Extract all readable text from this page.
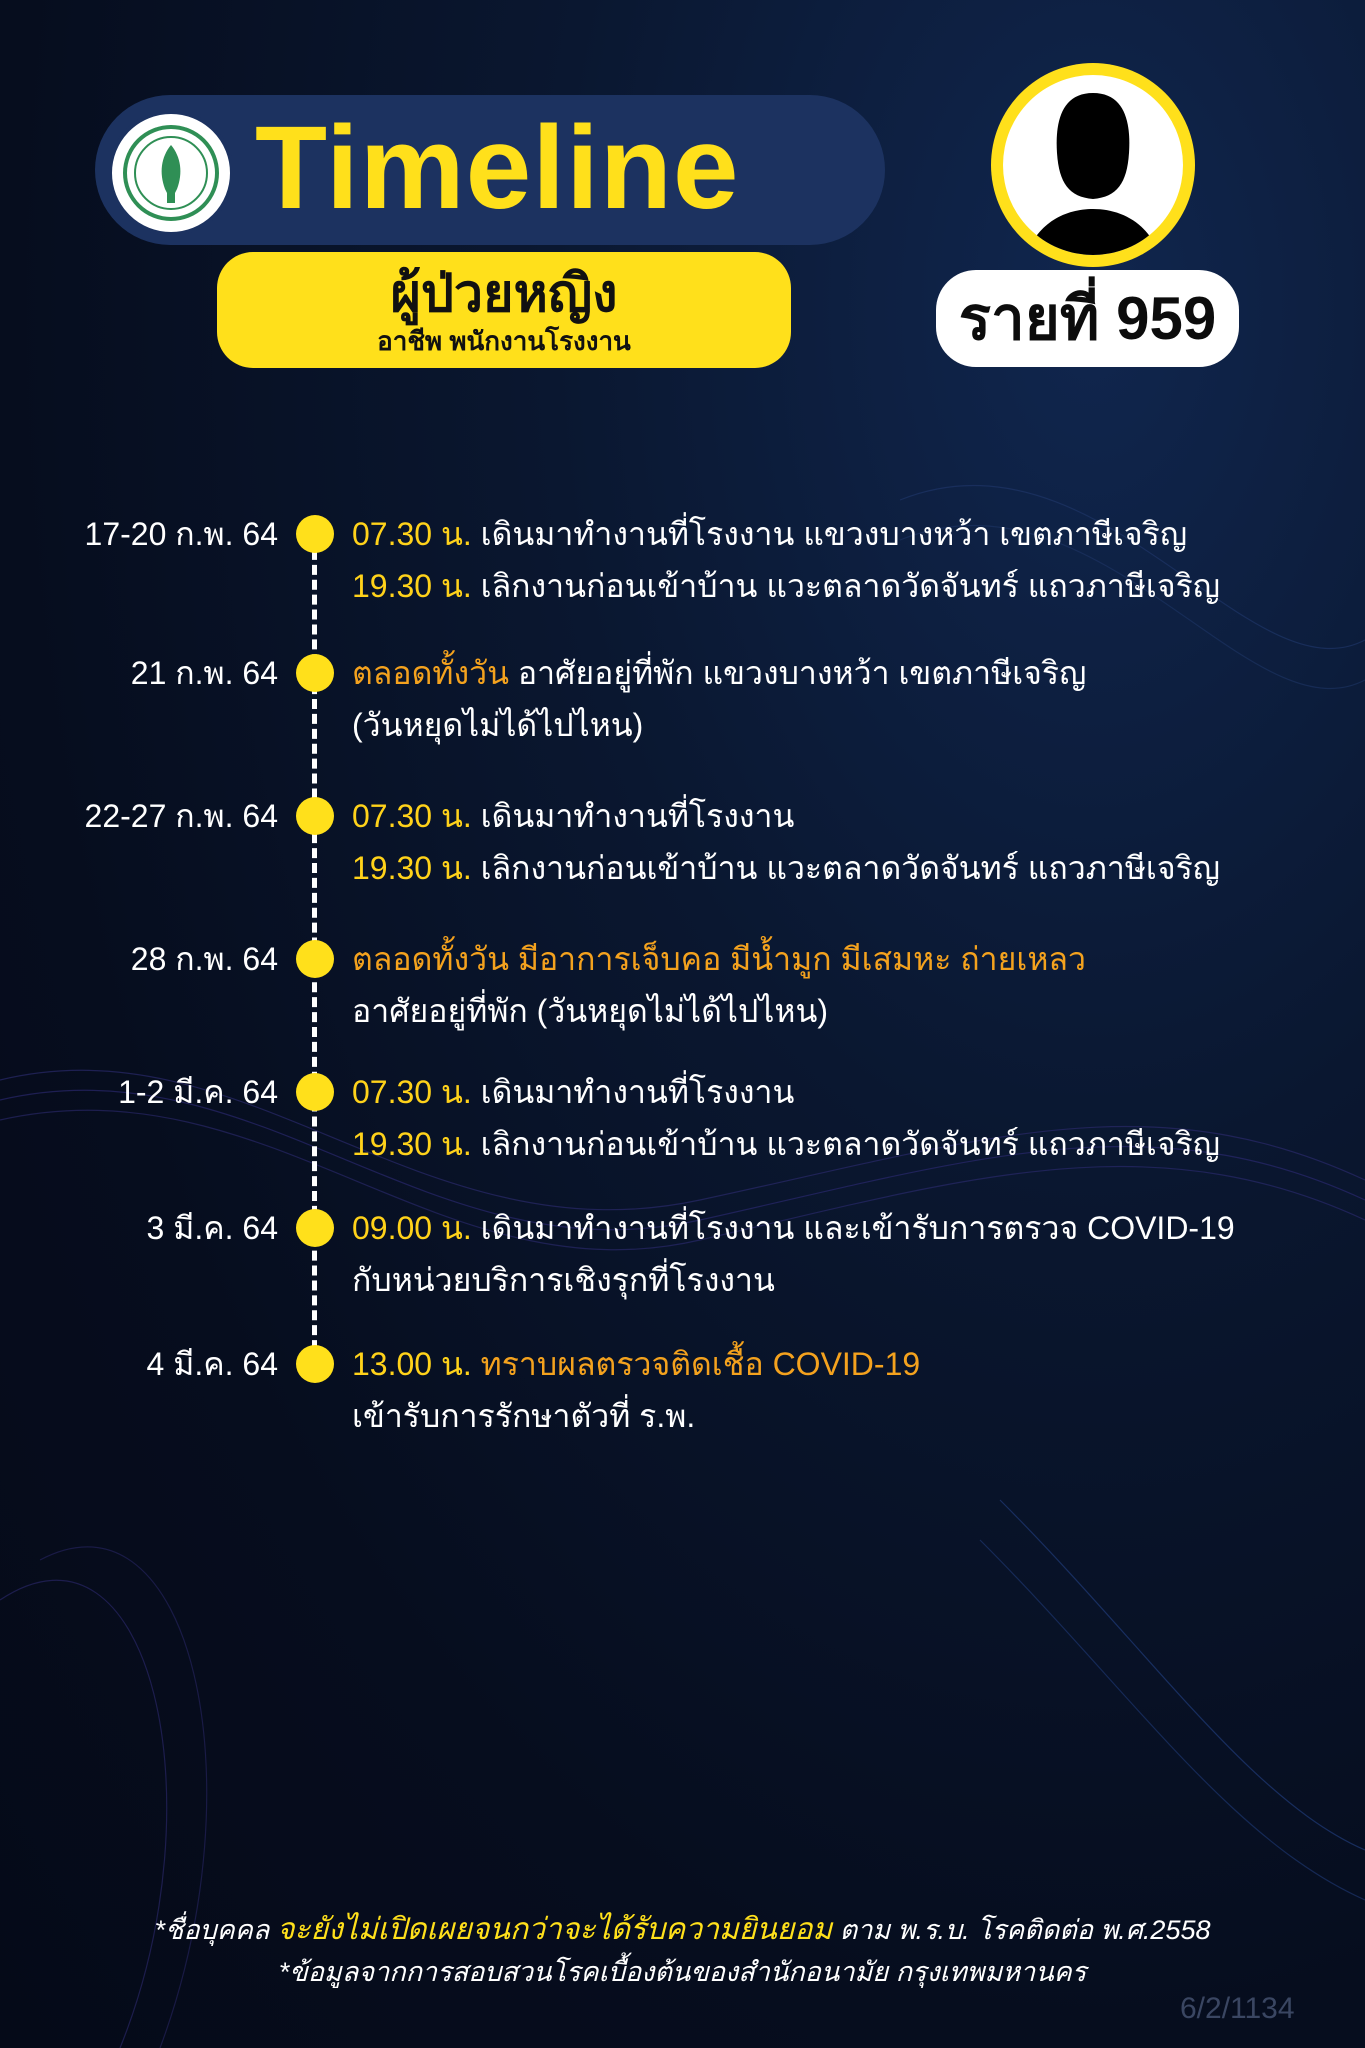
Timeline
ผู้ป่วยหญิง
อาชีพ พนักงานโรงงาน	รายที่ 959
17-20 ก.พ. 64 07.30 น. เดินมาทำงานที่โรงงาน แขวงบางหว้า เขตภาษีเจริญ
19.30 น. เลิกงานก่อนเข้าบ้าน แวะตลาดวัดจันทร์ แถวภาษีเจริญ
21 ก.พ. 64 ตลอดทั้งวัน อาศัยอยู่ที่พัก แขวงบางหว้า เขตภาษีเจริญ
(วันหยุดไม่ได้ไปไหน)
22-27 ก.พ. 64 07.30 น. เดินมาทำงานที่โรงงาน
19.30 น. เลิกงานก่อนเข้าบ้าน แวะตลาดวัดจันทร์ แถวภาษีเจริญ
28 ก.พ. 64 ตลอดทั้งวัน มีอาการเจ็บคอ มีน้ำมูก มีเสมหะ ถ่ายเหลว
อาศัยอยู่ที่พัก (วันหยุดไม่ได้ไปไหน)
1-2 มี.ค. 64 07.30 น. เดินมาทำงานที่โรงงาน
19.30 น. เลิกงานก่อนเข้าบ้าน แวะตลาดวัดจันทร์ แถวภาษีเจริญ
3 มี.ค. 64 09.00 น. เดินมาทำงานที่โรงงาน และเข้ารับการตรวจ COVID-19
กับหน่วยบริการเชิงรุกที่โรงงาน
4 มี.ค. 64 13.00 น. ทราบผลตรวจติดเชื้อ COVID-19
เข้ารับการรักษาตัวที่ ร.พ.
*ชื่อบุคคล จะยังไม่เปิดเผยจนกว่าจะได้รับความยินยอม ตาม พ.ร.บ. โรคติดต่อ พ.ศ.2558
*ข้อมูลจากการสอบสวนโรคเบื้องต้นของสำนักอนามัย กรุงเทพมหานคร
6/2/1134
